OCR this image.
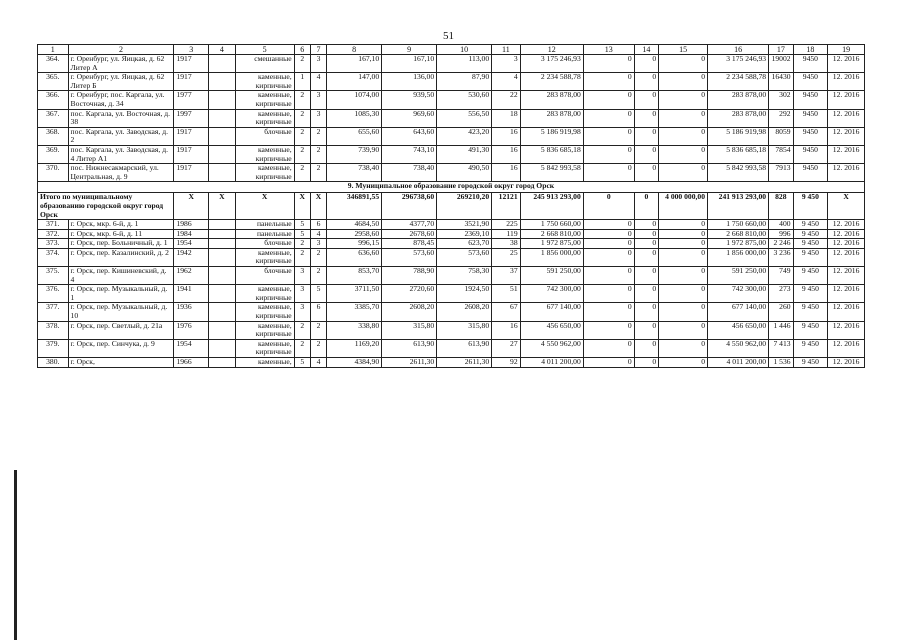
51
1	2	3	4	5	6	7	8	9	10	11	12	13	14	15	16	17	18	19
364.	г. Оренбург, ул. Яицкая, д. 62 Литер А	1917		смешанные	2	3	167,10	167,10	113,00	3	3 175 246,93	0	0	0	3 175 246,93	19002	9450	12. 2016
365.	г. Оренбург, ул. Яицкая, д. 62 Литер Б	1917		каменные, кирпичные	1	4	147,00	136,00	87,90	4	2 234 588,78	0	0	0	2 234 588,78	16430	9450	12. 2016
366.	г. Оренбург, пос. Каргала, ул. Восточная, д. 34	1977		каменные, кирпичные	2	3	1074,00	939,50	530,60	22	283 878,00	0	0	0	283 878,00	302	9450	12. 2016
367.	пос. Каргала, ул. Восточная, д. 38	1997		каменные, кирпичные	2	3	1085,30	969,60	556,50	18	283 878,00	0	0	0	283 878,00	292	9450	12. 2016
368.	пос. Каргала, ул. Заводская, д. 2	1917		блочные	2	2	655,60	643,60	423,20	16	5 186 919,98	0	0	0	5 186 919,98	8059	9450	12. 2016
369.	пос. Каргала, ул. Заводская, д. 4 Литер А1	1917		каменные, кирпичные	2	2	739,90	743,10	491,30	16	5 836 685,18	0	0	0	5 836 685,18	7854	9450	12. 2016
370.	пос. Нижнесакмарский, ул. Центральная, д. 9	1917		каменные, кирпичные	2	2	738,40	738,40	490,50	16	5 842 993,58	0	0	0	5 842 993,58	7913	9450	12. 2016
9. Муниципальное образование городской округ город Орск																		
Итого по муниципальному образованию городской округ город Орск		X	X	X	X	X	346891,55	296738,60	269210,20	12121	245 913 293,00	0	0	4 000 000,00	241 913 293,00	828	9 450	X
371.	г. Орск, мкр. 6-й, д. 1	1986		панельные	5	6	4684,50	4377,70	3521,90	225	1 750 660,00	0	0	0	1 750 660,00	400	9 450	12. 2016
372.	г. Орск, мкр. 6-й, д. 11	1984		панельные	5	4	2958,60	2678,60	2369,10	119	2 668 810,00	0	0	0	2 668 810,00	996	9 450	12. 2016
373.	г. Орск, пер. Больничный, д. 1	1954		блочные	2	3	996,15	878,45	623,70	38	1 972 875,00	0	0	0	1 972 875,00	2 246	9 450	12. 2016
374.	г. Орск, пер. Казалинский, д. 2	1942		каменные, кирпичные	2	2	636,60	573,60	573,60	25	1 856 000,00	0	0	0	1 856 000,00	3 236	9 450	12. 2016
375.	г. Орск, пер. Кишиневский, д. 4	1962		блочные	3	2	853,70	788,90	758,30	37	591 250,00	0	0	0	591 250,00	749	9 450	12. 2016
376.	г. Орск, пер. Музыкальный, д. 1	1941		каменные, кирпичные	3	5	3711,50	2720,60	1924,50	51	742 300,00	0	0	0	742 300,00	273	9 450	12. 2016
377.	г. Орск, пер. Музыкальный, д. 10	1936		каменные, кирпичные	3	6	3385,70	2608,20	2608,20	67	677 140,00	0	0	0	677 140,00	260	9 450	12. 2016
378.	г. Орск, пер. Светлый, д. 21а	1976		каменные, кирпичные	2	2	338,80	315,80	315,80	16	456 650,00	0	0	0	456 650,00	1 446	9 450	12. 2016
379.	г. Орск, пер. Синчука, д. 9	1954		каменные, кирпичные	2	2	1169,20	613,90	613,90	27	4 550 962,00	0	0	0	4 550 962,00	7 413	9 450	12. 2016
380.	г. Орск,	1966		каменные,	5	4	4384,90	2611,30	2611,30	92	4 011 200,00	0	0	0	4 011 200,00	1 536	9 450	12. 2016
